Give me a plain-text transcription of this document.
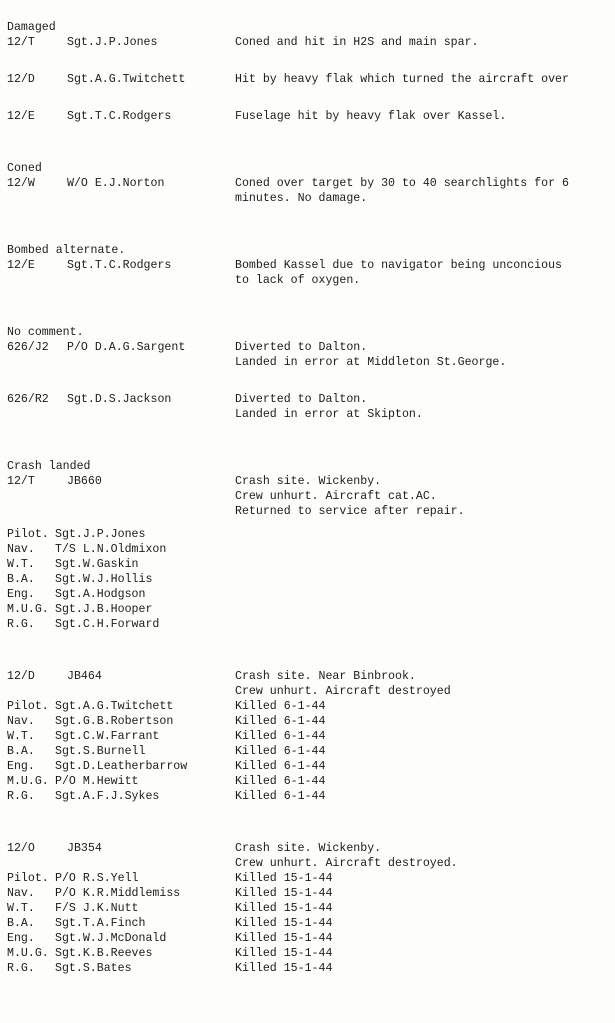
Damaged
12/T	Sgt.J.P.Jones	Coned and hit in H2S and main spar.
12/D	Sgt.A.G.Twitchett	Hit by heavy flak which turned the aircraft over
12/E	Sgt.T.C.Rodgers	Fuselage hit by heavy flak over Kassel.
Coned
12/W	W/O E.J.Norton	Coned over target by 30 to 40 searchlights for 6
minutes. No damage.
Bombed alternate.
12/E	Sgt.T.C.Rodgers	Bombed Kassel due to navigator being unconcious
to lack of oxygen.
No comment.
626/J2 P/O D.A.G.Sargent	Diverted to Dalton.
Landed in error at Middleton St.George.
626/R2 Sgt.D.S.Jackson	Diverted to Dalton.
Landed in error at Skipton.
Crash landed
12/T	JB660	Crash site. Wickenby.
Crew unhurt. Aircraft cat.AC.
Returned to service after repair.
Pilot. Sgt.J.P.Jones
Nav.	T/S L.N.Oldmixon
W.T.	Sgt.W.Gaskin
B.A.	Sgt.W.J.Hollis
Eng.	Sgt.A.Hodgson
M.U.G. Sgt.J.B.Hooper
R.G.	Sgt.C.H.Forward
12/D	JB464	Crash site. Near Binbrook.
Crew unhurt. Aircraft destroyed
Pilot. Sgt.A.G.Twitchett	Killed 6-1-44
Nav.	Sgt.G.B.Robertson	Killed 6-1-44
W.T.	Sgt.C.W.Farrant	Killed 6-1-44
B.A.	Sgt.S.Burnell	Killed 6-1-44
Eng.	Sgt.D.Leatherbarrow	Killed 6-1-44
M.U.G. P/O M.Hewitt	Killed 6-1-44
R.G.	Sgt.A.F.J.Sykes	Killed 6-1-44
12/O	JB354	Crash site. Wickenby.
Crew unhurt. Aircraft destroyed.
Pilot. P/O R.S.Yell	Killed 15-1-44
Nav.	P/O K.R.Middlemiss	Killed 15-1-44
W.T.	F/S J.K.Nutt	Killed 15-1-44
B.A.	Sgt.T.A.Finch	Killed 15-1-44
Eng.	Sgt.W.J.McDonald	Killed 15-1-44
M.U.G. Sgt.K.B.Reeves	Killed 15-1-44
R.G.	Sgt.S.Bates	Killed 15-1-44
